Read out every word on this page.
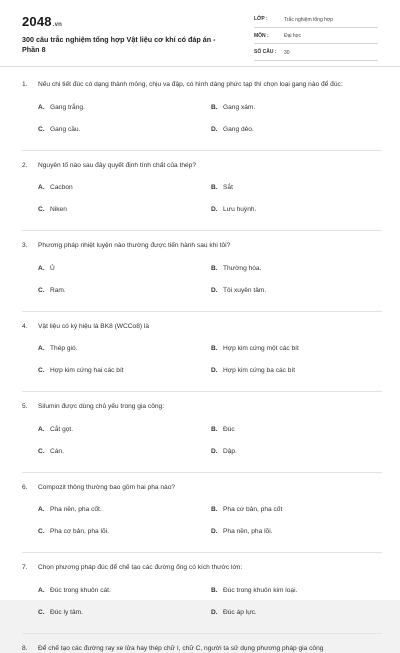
2048.vn
300 câu trắc nghiệm tổng hợp Vật liệu cơ khí có đáp án - Phần 8
LỚP :	Trắc nghiệm tổng hợp
MÔN :	Đại học
SỐ CÂU : 30
1. Nếu chi tiết đúc có dạng thành mỏng, chịu va đập, có hình dáng phức tạp thì chọn loại gang nào để đúc:
A. Gang trắng.	B. Gang xám.
C. Gang cầu.	D. Gang dẻo.
2. Nguyên tố nào sau đây quyết định tính chất của thép?
A. Cacbon	B. Sắt
C. Niken	D. Lưu huỳnh.
3. Phương pháp nhiệt luyện nào thường được tiến hành sau khi tôi?
A. Ủ	B. Thường hóa.
C. Ram.	D. Tôi xuyên tâm.
4. Vật liệu có ký hiệu là BK8 (WCCo8) là
A. Thép gió.	B. Hợp kim cứng một các bít
C. Hợp kim cứng hai các bít	D. Hợp kim cứng ba các bít
5. Silumin được dùng chủ yếu trong gia công:
A. Cắt gọt.	B. Đúc
C. Cán.	D. Dập.
6. Compozit thông thường bao gồm hai pha nào?
A. Pha nền, pha cốt.	B. Pha cơ bản, pha cốt
C. Pha cơ bản, pha lõi.	D. Pha nền, pha lõi.
7. Chọn phương pháp đúc để chế tạo các đường ống có kích thước lớn:
A. Đúc trong khuôn cát.	B. Đúc trong khuôn kim loại.
C. Đúc ly tâm.	D. Đúc áp lực.
8. Để chế tạo các đường ray xe lửa hay thép chữ I, chữ C, người ta sử dụng phương pháp gia công
